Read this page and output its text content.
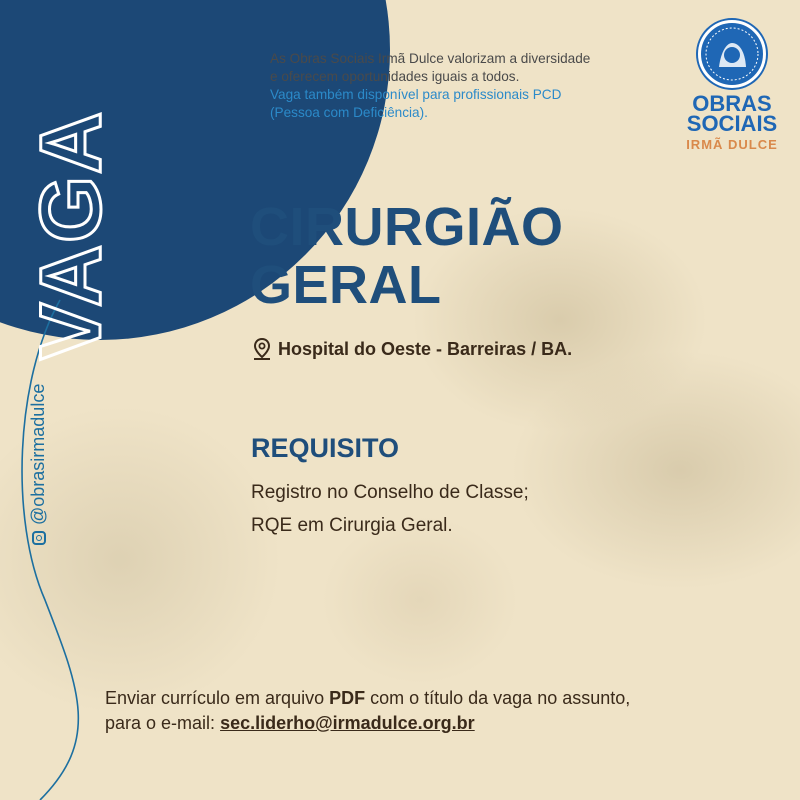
VAGA
@obrasirmadulce

As Obras Sociais Irmã Dulce valorizam a diversidade

e oferecem oportunidades iguais a todos.

Vaga também disponível para profissionais PCD

(Pessoa com Deficiência).	OBRAS
SOCIAIS
IRMÃ DULCE
CIRURGIÃO
GERAL
Hospital do Oeste - Barreiras / BA.
REQUISITO
Registro no Conselho de Classe;
RQE em Cirurgia Geral.
Enviar currículo em arquivo PDF com o título da vaga no assunto,
para o e-mail: sec.liderho@irmadulce.org.br
